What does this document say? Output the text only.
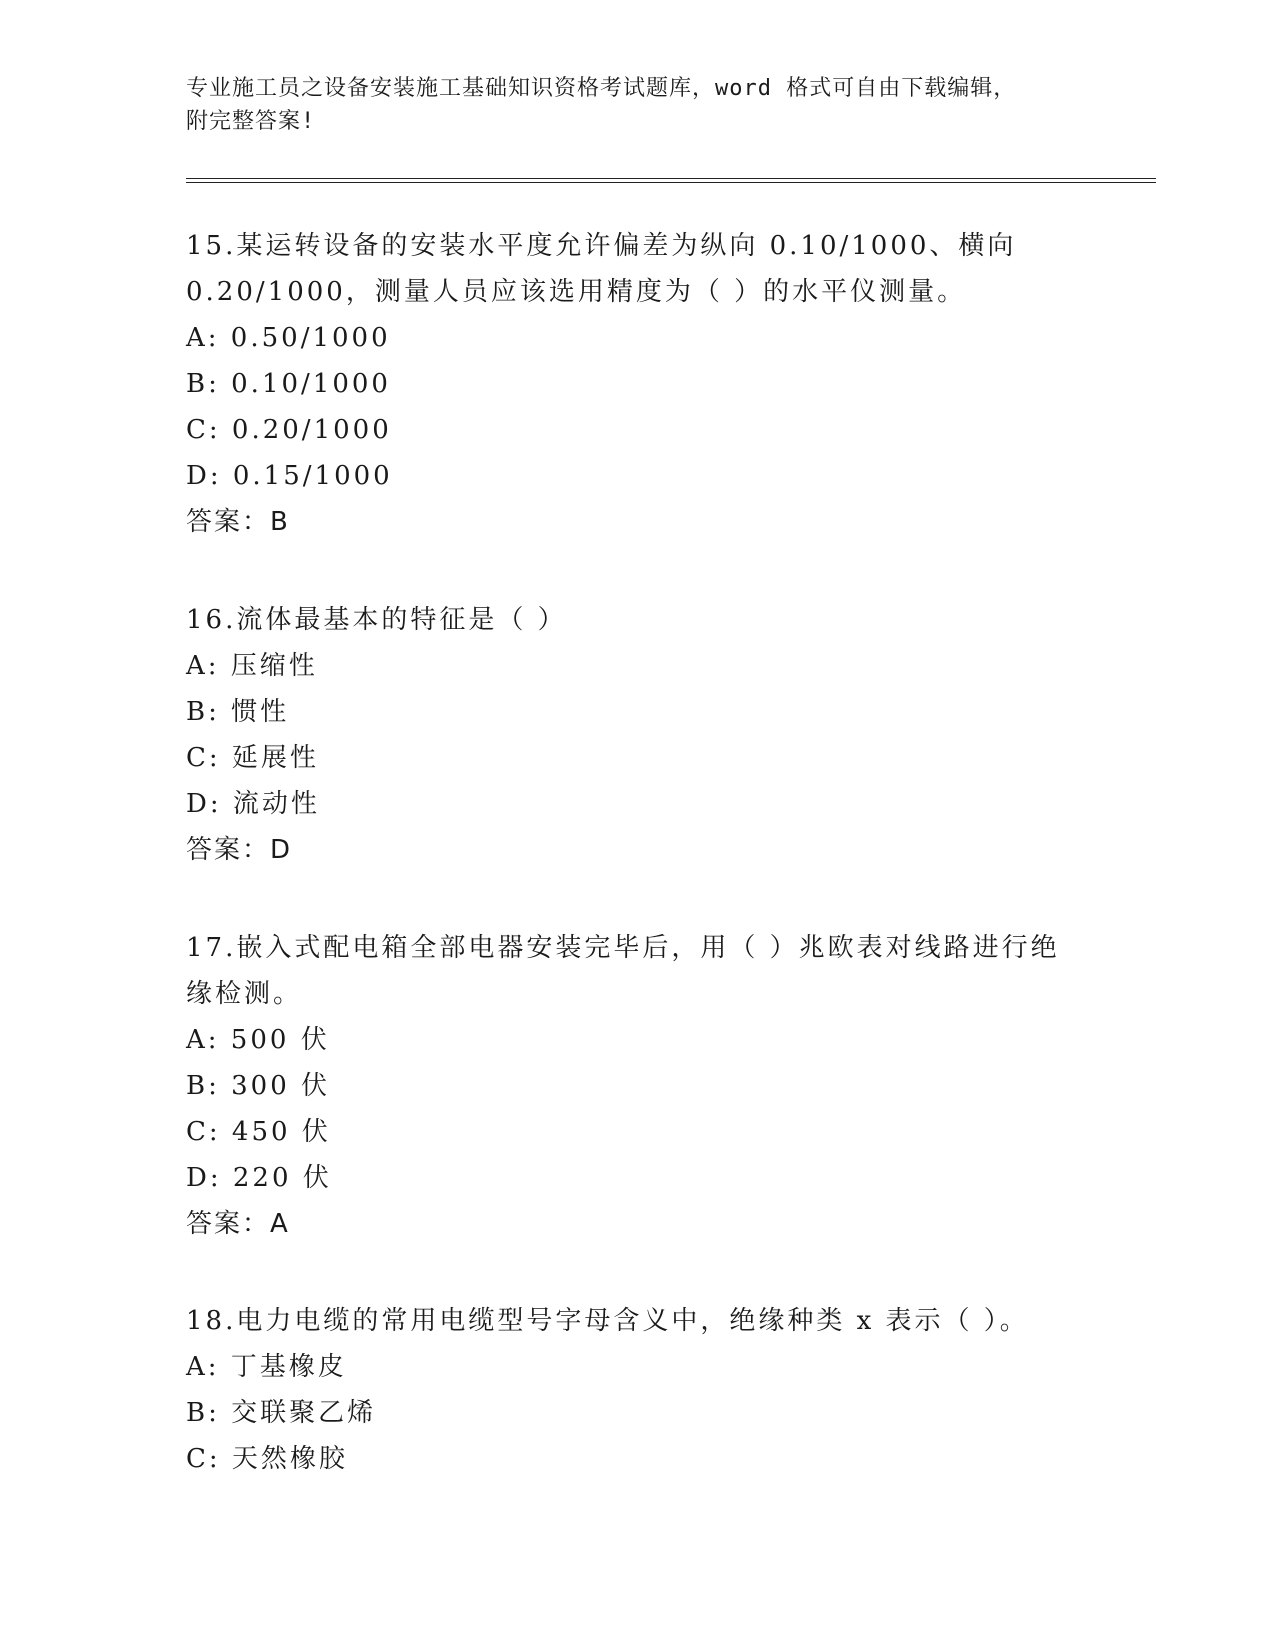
专业施工员之设备安装施工基础知识资格考试题库，word 格式可自由下载编辑，
附完整答案!
15.某运转设备的安装水平度允许偏差为纵向 0.10/1000、横向
0.20/1000，测量人员应该选用精度为（ ）的水平仪测量。
A: 0.50/1000
B: 0.10/1000
C: 0.20/1000
D: 0.15/1000
答案：B
16.流体最基本的特征是（ ）
A: 压缩性
B: 惯性
C: 延展性
D: 流动性
答案：D
17.嵌入式配电箱全部电器安装完毕后，用（ ）兆欧表对线路进行绝
缘检测。
A: 500 伏
B: 300 伏
C: 450 伏
D: 220 伏
答案：A
18.电力电缆的常用电缆型号字母含义中，绝缘种类 x 表示（ ）。
A: 丁基橡皮
B: 交联聚乙烯
C: 天然橡胶
